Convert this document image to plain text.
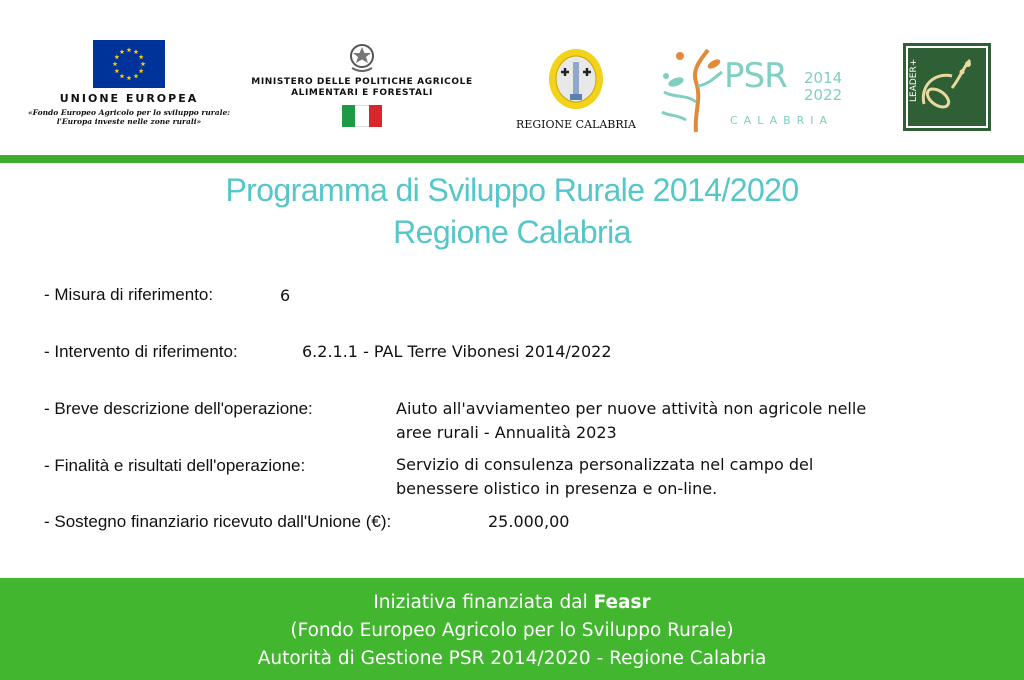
UNIONE EUROPEA
«Fondo Europeo Agricolo per lo sviluppo rurale:
l'Europa investe nelle zone rurali»
MINISTERO DELLE POLITICHE AGRICOLE
ALIMENTARI E FORESTALI
REGIONE CALABRIA
PSR 2014
2022
CALABRIA
LEADER+
Programma di Sviluppo Rurale 2014/2020
Regione Calabria
- Misura di riferimento:	6
- Intervento di riferimento:	6.2.1.1 - PAL Terre Vibonesi 2014/2022
- Breve descrizione dell'operazione:	Aiuto all'avviamenteo per nuove attività non agricole nelle
aree rurali - Annualità 2023
- Finalità e risultati dell'operazione:	Servizio di consulenza personalizzata nel campo del
benessere olistico in presenza e on-line.
- Sostegno finanziario ricevuto dall'Unione (€):	25.000,00
Iniziativa finanziata dal Feasr
(Fondo Europeo Agricolo per lo Sviluppo Rurale)
Autorità di Gestione PSR 2014/2020 - Regione Calabria
